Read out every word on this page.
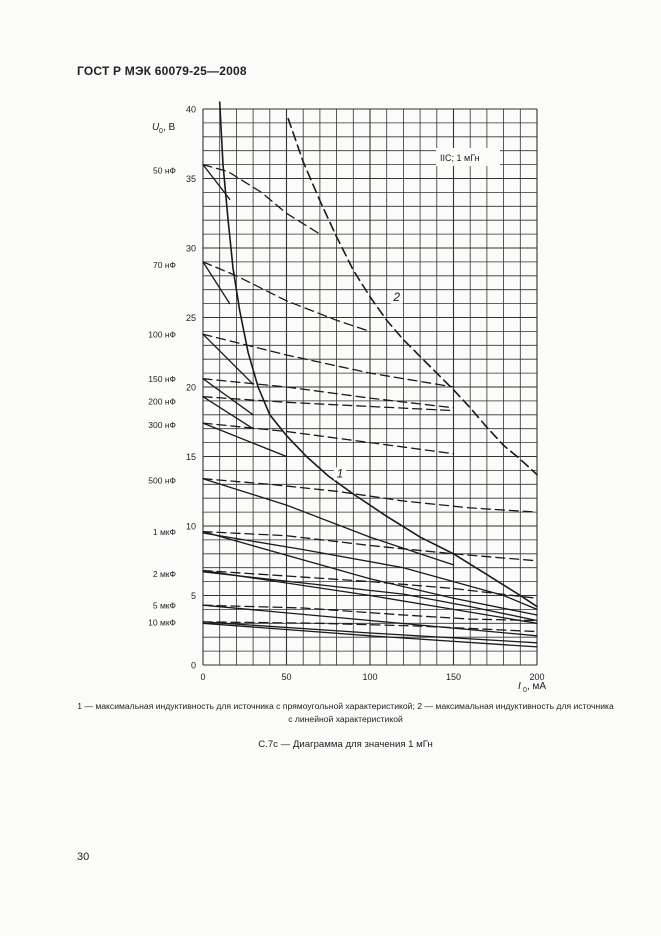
ГОСТ Р МЭК 60079-25—2008
0
5
10
15
20
25
30
35
40
0	50	100	150	200
50 нФ
70 нФ
100 нФ
150 нФ
200 нФ
300 нФ
500 нФ
1 мкФ
2 мкФ
5 мкФ
10 мкФ
1
2
IIC; 1 мГн
U 0 , В
I 0 , мА
1 — максимальная индуктивность для источника с прямоугольной характеристикой; 2 — максимальная индуктивность для источника с линейной характеристикой
С.7с — Диаграмма для значения 1 мГн
30
